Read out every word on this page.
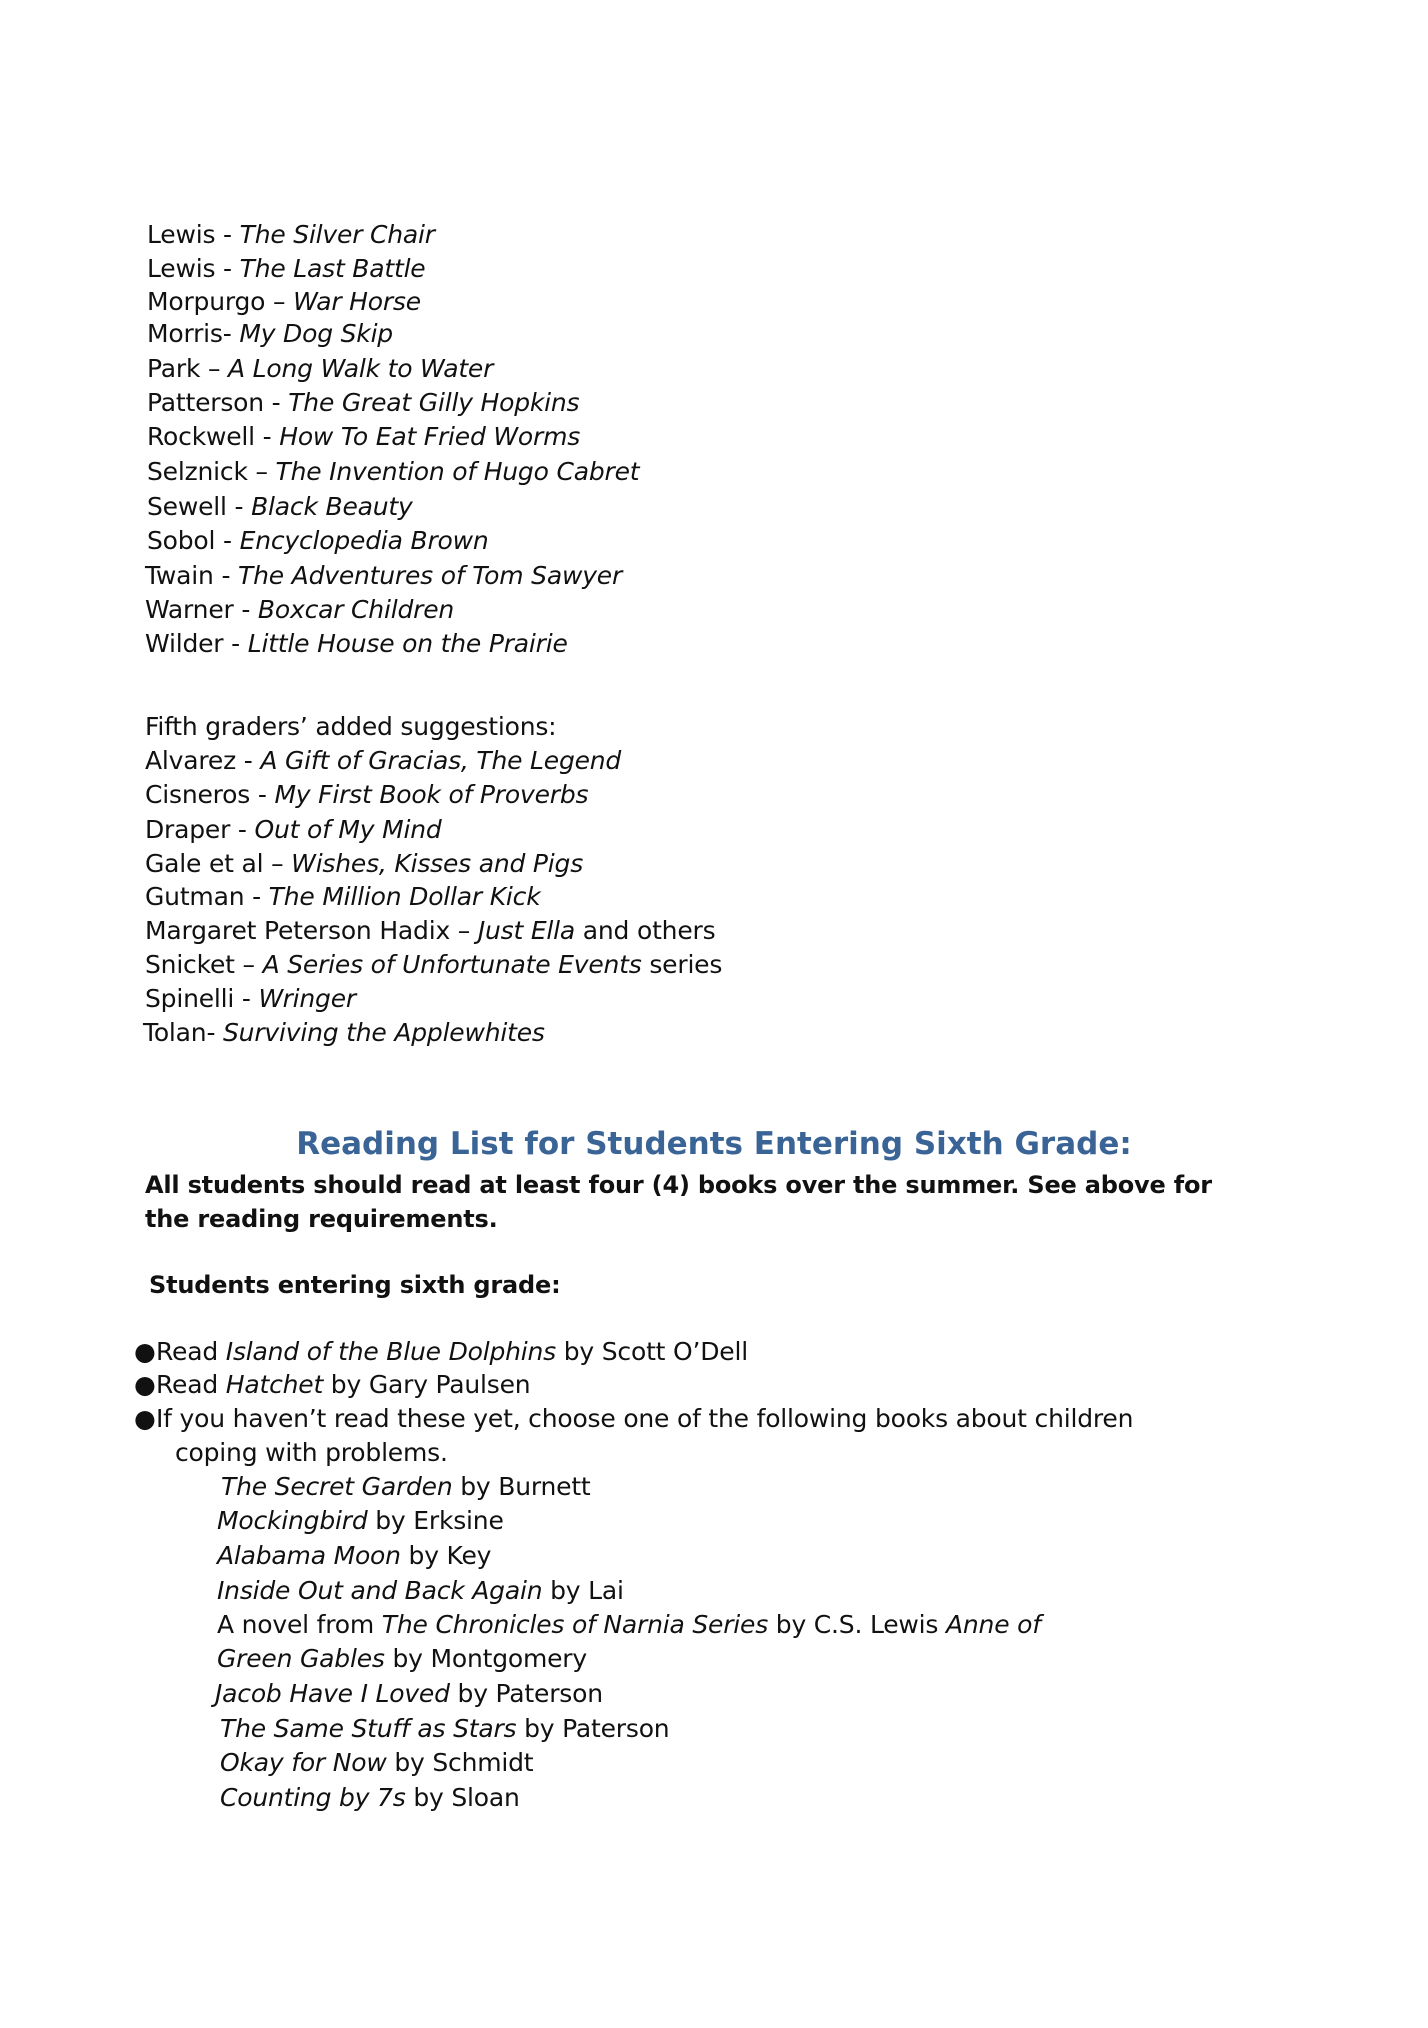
Lewis - The Silver Chair
Lewis - The Last Battle
Morpurgo – War Horse
Morris- My Dog Skip
Park – A Long Walk to Water
Patterson - The Great Gilly Hopkins
Rockwell - How To Eat Fried Worms
Selznick – The Invention of Hugo Cabret
Sewell - Black Beauty
Sobol - Encyclopedia Brown
Twain - The Adventures of Tom Sawyer
Warner - Boxcar Children
Wilder - Little House on the Prairie
Fifth graders’ added suggestions:
Alvarez - A Gift of Gracias, The Legend
Cisneros - My First Book of Proverbs
Draper - Out of My Mind
Gale et al – Wishes, Kisses and Pigs
Gutman - The Million Dollar Kick
Margaret Peterson Hadix – Just Ella and others
Snicket – A Series of Unfortunate Events series
Spinelli - Wringer
Tolan- Surviving the Applewhites
Reading List for Students Entering Sixth Grade:
All students should read at least four (4) books over the summer. See above for
the reading requirements.
Students entering sixth grade:
●Read Island of the Blue Dolphins by Scott O’Dell
●Read Hatchet by Gary Paulsen
●If you haven’t read these yet, choose one of the following books about children
coping with problems.
The Secret Garden by Burnett
Mockingbird by Erksine
Alabama Moon by Key
Inside Out and Back Again by Lai
A novel from The Chronicles of Narnia Series by C.S. Lewis Anne of
Green Gables by Montgomery
Jacob Have I Loved by Paterson
The Same Stuff as Stars by Paterson
Okay for Now by Schmidt
Counting by 7s by Sloan
